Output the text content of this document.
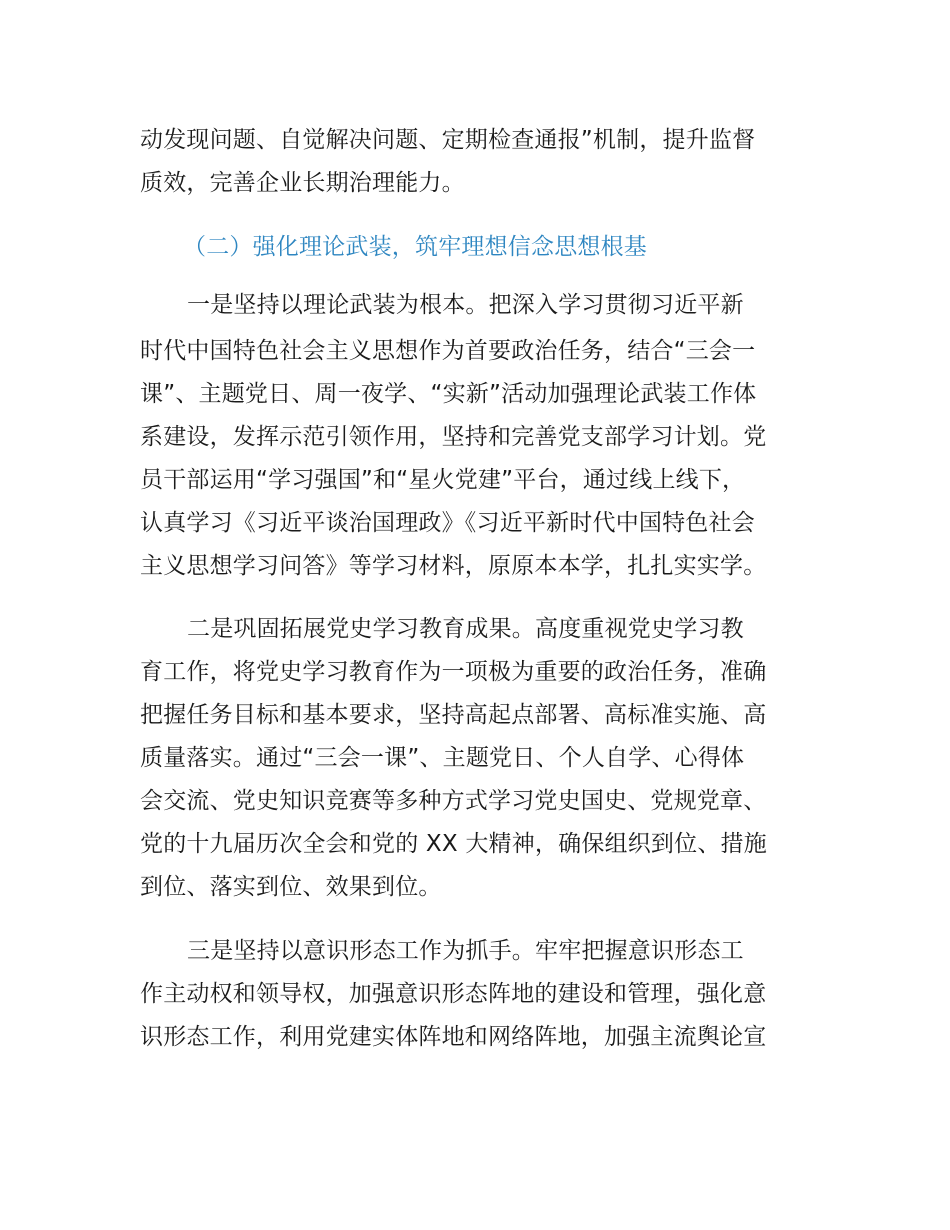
动发现问题、自觉解决问题、定期检查通报”机制，提升监督
质效，完善企业长期治理能力。
（二）强化理论武装，筑牢理想信念思想根基
一是坚持以理论武装为根本。把深入学习贯彻习近平新
时代中国特色社会主义思想作为首要政治任务，结合“三会一
课”、主题党日、周一夜学、“实新”活动加强理论武装工作体
系建设，发挥示范引领作用，坚持和完善党支部学习计划。党
员干部运用“学习强国”和“星火党建”平台，通过线上线下，
认真学习《习近平谈治国理政》《习近平新时代中国特色社会
主义思想学习问答》等学习材料，原原本本学，扎扎实实学。
二是巩固拓展党史学习教育成果。高度重视党史学习教
育工作，将党史学习教育作为一项极为重要的政治任务，准确
把握任务目标和基本要求，坚持高起点部署、高标准实施、高
质量落实。通过“三会一课”、主题党日、个人自学、心得体
会交流、党史知识竞赛等多种方式学习党史国史、党规党章、
党的十九届历次全会和党的 XX 大精神，确保组织到位、措施
到位、落实到位、效果到位。
三是坚持以意识形态工作为抓手。牢牢把握意识形态工
作主动权和领导权，加强意识形态阵地的建设和管理，强化意
识形态工作，利用党建实体阵地和网络阵地，加强主流舆论宣
